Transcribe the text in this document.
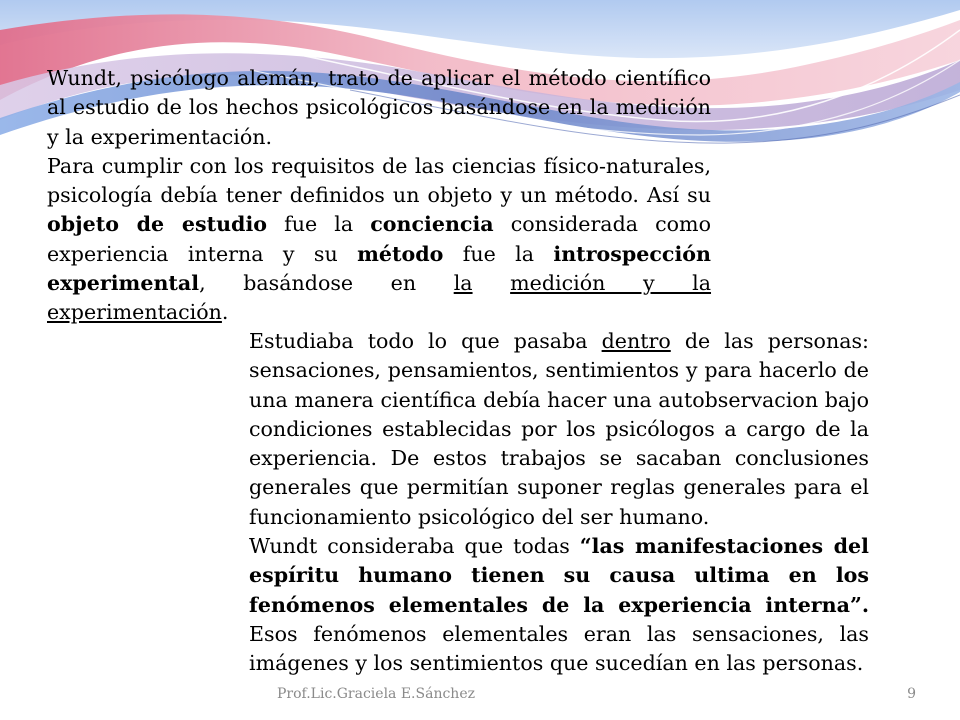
Wundt, psicólogo alemán, trato de aplicar el método científico al estudio de los hechos psicológicos basándose en la medición y la experimentación.

Para cumplir con los requisitos de las ciencias físico-naturales, psicología debía tener definidos un objeto y un método. Así su objeto de estudio fue la conciencia considerada como experiencia interna y su método fue la introspección experimental, basándose en la medición y la experimentación.

Estudiaba todo lo que pasaba dentro de las personas: sensaciones, pensamientos, sentimientos y para hacerlo de una manera científica debía hacer una autobservacion bajo condiciones establecidas por los psicólogos a cargo de la experiencia. De estos trabajos se sacaban conclusiones generales que permitían suponer reglas generales para el funcionamiento psicológico del ser humano.

Wundt consideraba que todas “las manifestaciones del espíritu humano tienen su causa ultima en los fenómenos elementales de la experiencia interna”. Esos fenómenos elementales eran las sensaciones, las imágenes y los sentimientos que sucedían en las personas.

Prof.Lic.Graciela E.Sánchez	9
